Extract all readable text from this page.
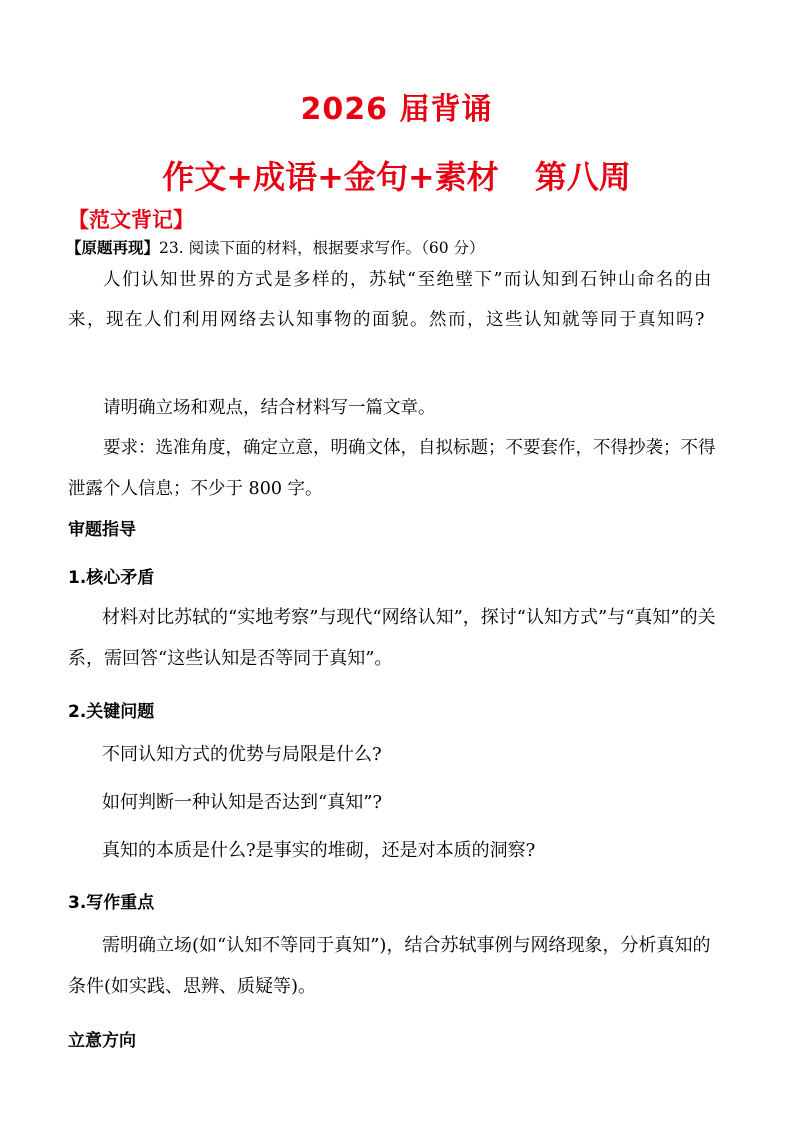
2026 届背诵
作文+成语+金句+素材 第八周
【范文背记】
【原题再现】23. 阅读下面的材料，根据要求写作。（60 分）
人们认知世界的方式是多样的，苏轼“至绝壁下”而认知到石钟山命名的由来，现在人们利用网络去认知事物的面貌。然而，这些认知就等同于真知吗?
请明确立场和观点，结合材料写一篇文章。
要求：选准角度，确定立意，明确文体，自拟标题；不要套作，不得抄袭；不得泄露个人信息；不少于 800 字。
审题指导
1.核心矛盾
材料对比苏轼的“实地考察”与现代“网络认知”，探讨“认知方式”与“真知”的关系，需回答“这些认知是否等同于真知”。
2.关键问题
不同认知方式的优势与局限是什么?
如何判断一种认知是否达到“真知”?
真知的本质是什么?是事实的堆砌，还是对本质的洞察?
3.写作重点
需明确立场(如“认知不等同于真知”)，结合苏轼事例与网络现象，分析真知的条件(如实践、思辨、质疑等)。
立意方向
